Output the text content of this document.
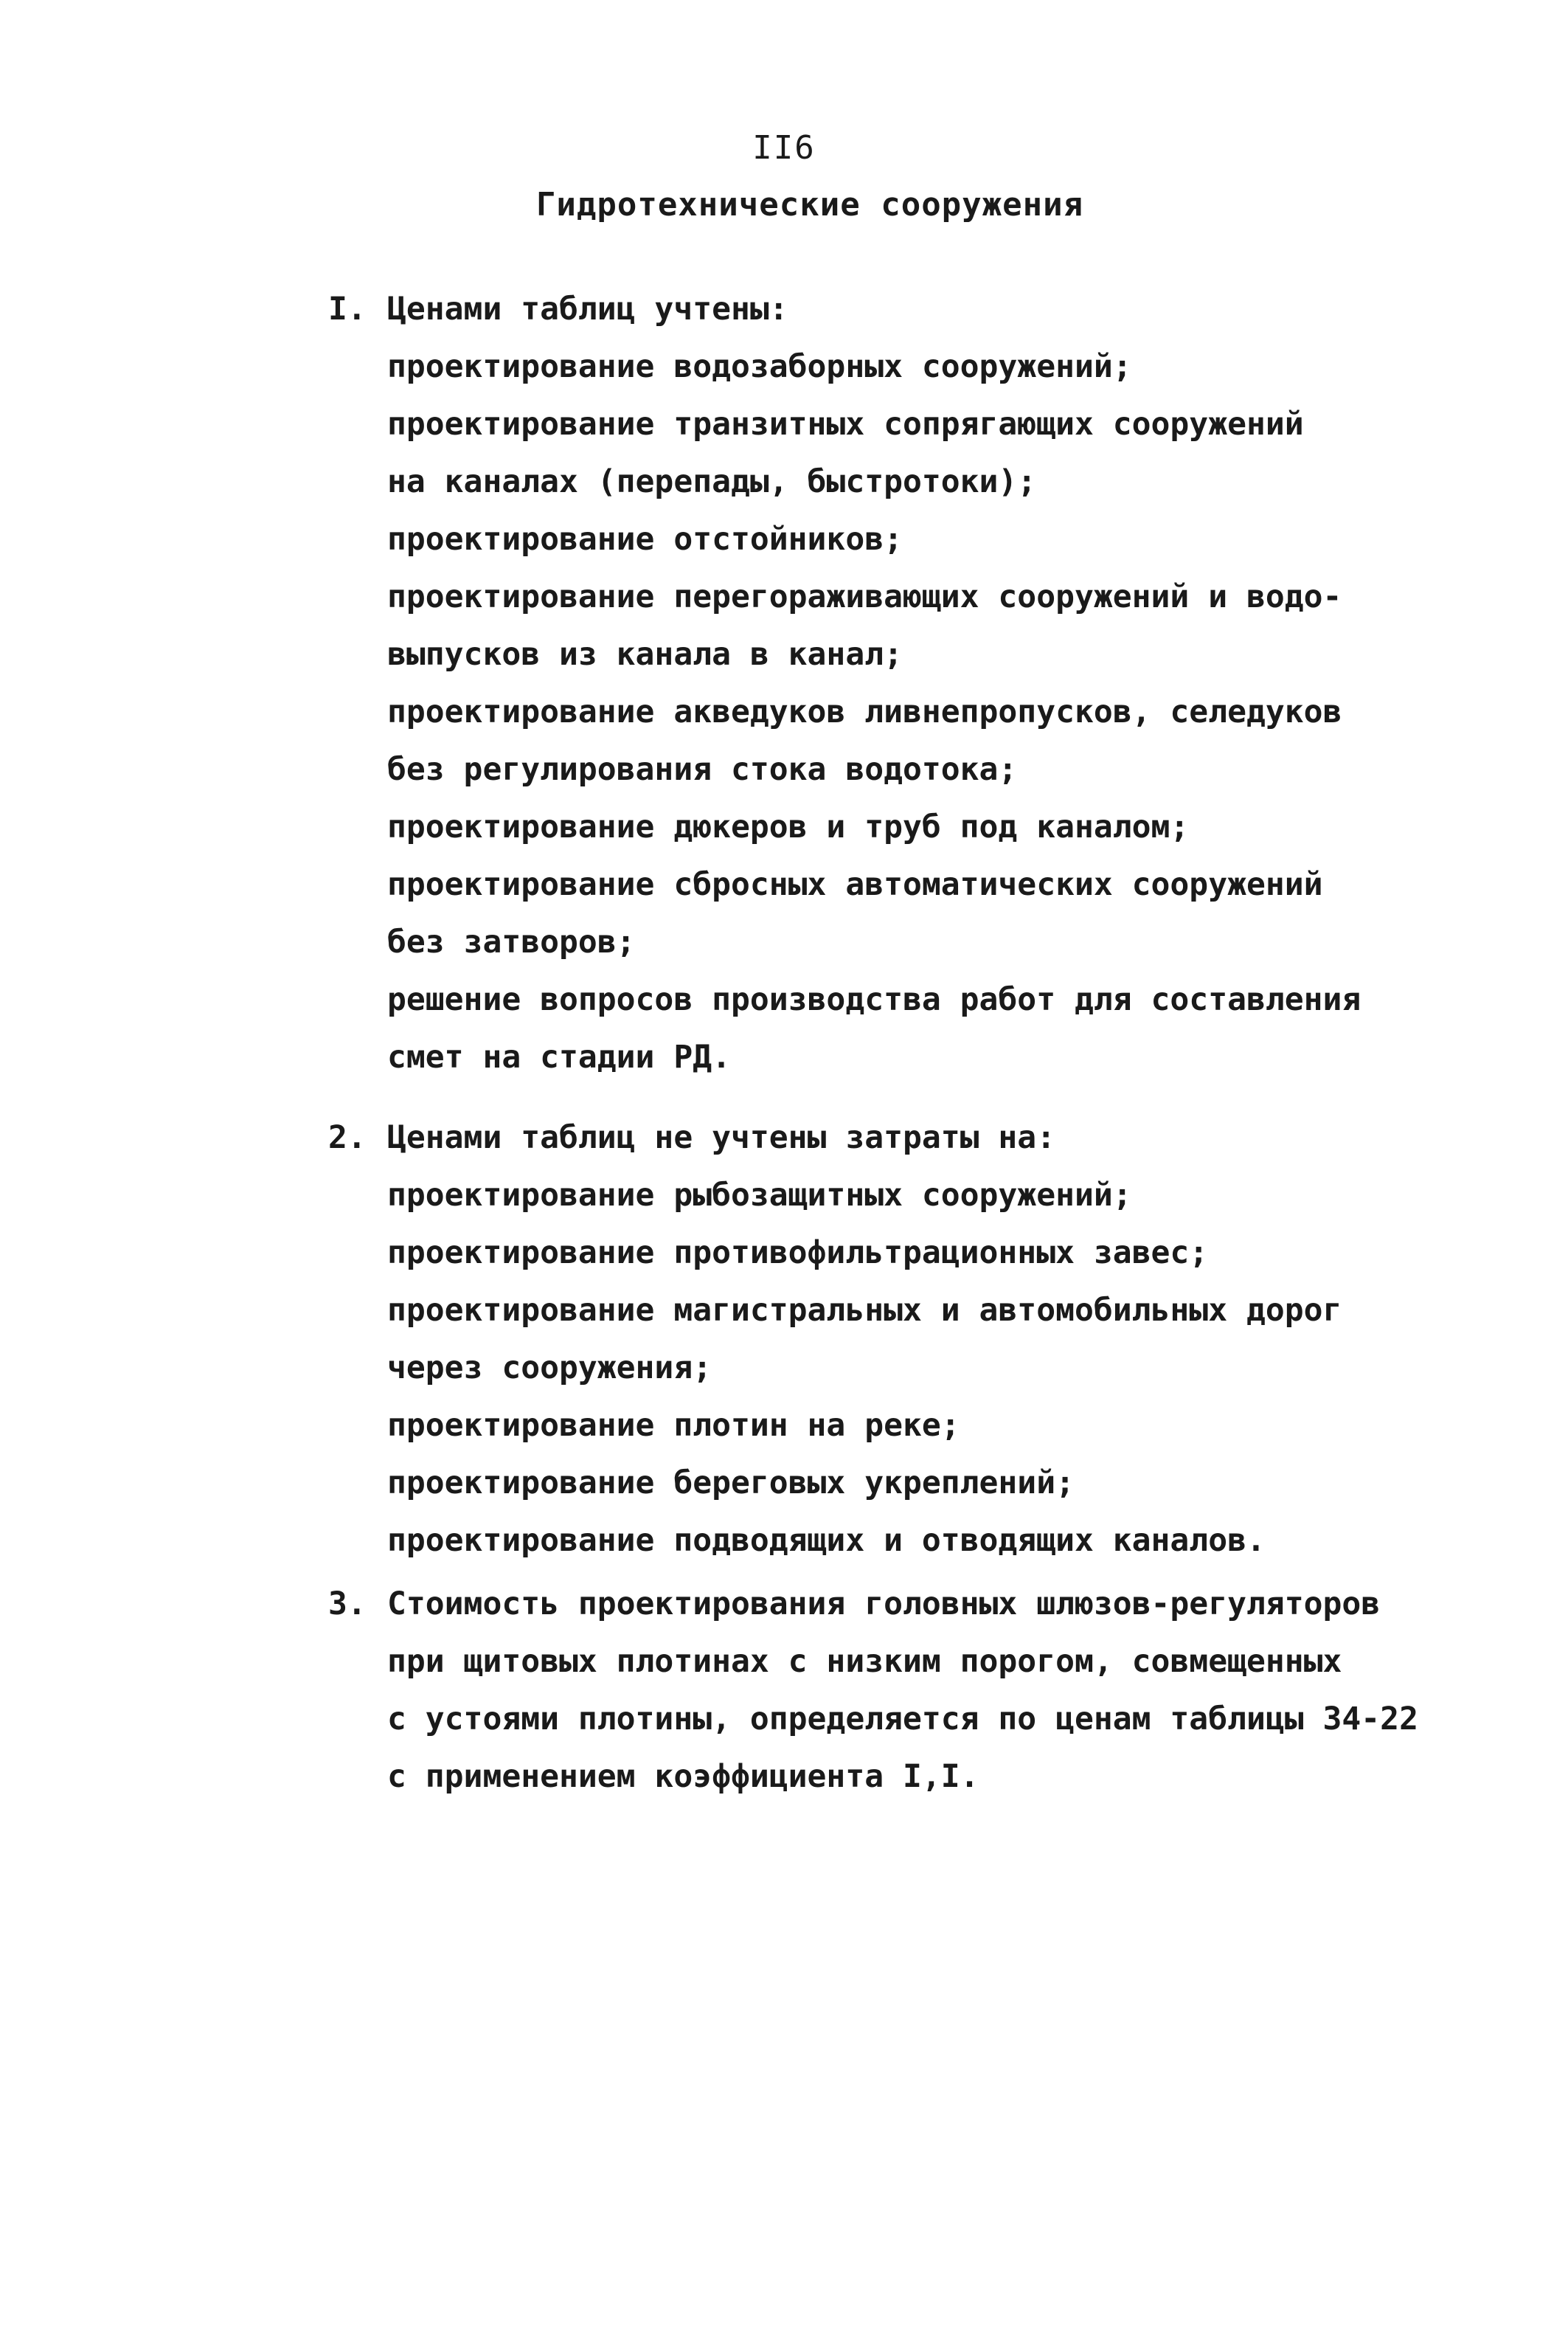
II6
Гидротехнические сооружения
I. Ценами таблиц учтены:
проектирование водозаборных сооружений;
проектирование транзитных сопрягающих сооружений
на каналах (перепады, быстротоки);
проектирование отстойников;
проектирование перегораживающих сооружений и водо-
выпусков из канала в канал;
проектирование акведуков ливнепропусков, селедуков
без регулирования стока водотока;
проектирование дюкеров и труб под каналом;
проектирование сбросных автоматических сооружений
без затворов;
решение вопросов производства работ для составления
смет на стадии РД.
2. Ценами таблиц не учтены затраты на:
проектирование рыбозащитных сооружений;
проектирование противофильтрационных завес;
проектирование магистральных и автомобильных дорог
через сооружения;
проектирование плотин на реке;
проектирование береговых укреплений;
проектирование подводящих и отводящих каналов.
3. Стоимость проектирования головных шлюзов-регуляторов
при щитовых плотинах с низким порогом, совмещенных
с устоями плотины, определяется по ценам таблицы 34-22
с применением коэффициента I,I.
